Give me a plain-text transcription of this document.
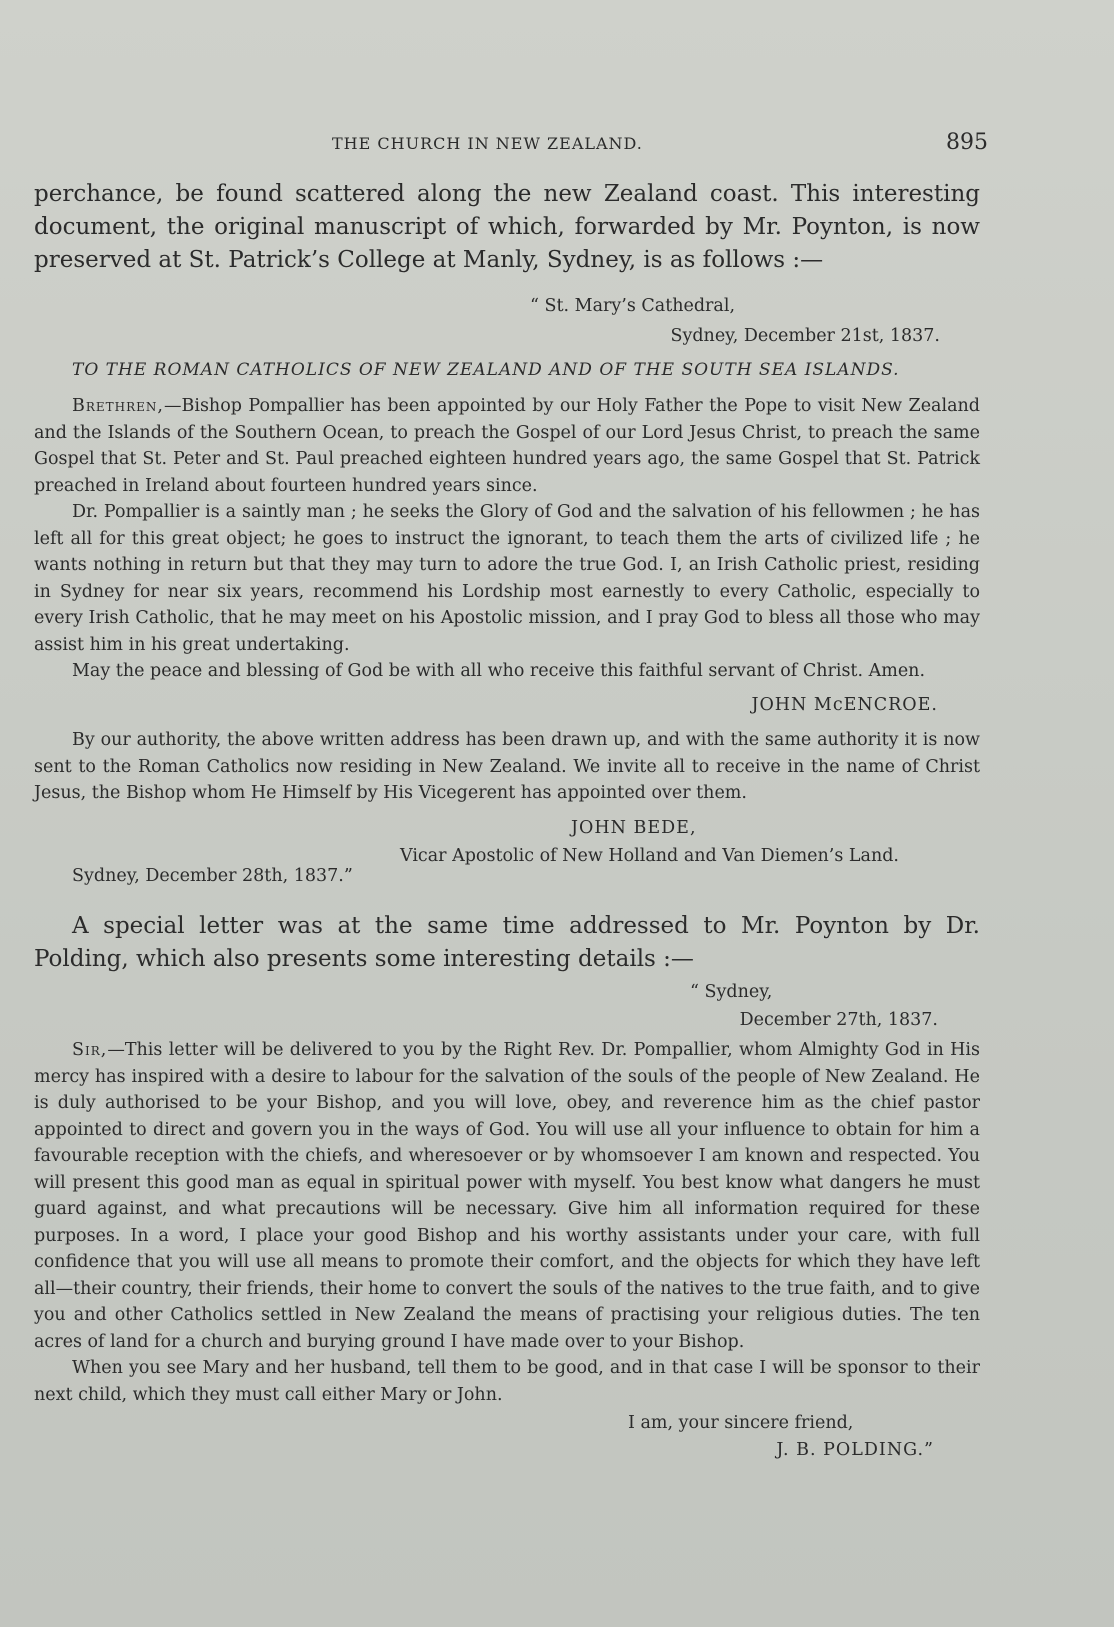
THE CHURCH IN NEW ZEALAND.	895

perchance, be found scattered along the new Zealand coast. This interesting document, the original manuscript of which, forwarded by Mr. Poynton, is now preserved at St. Patrick’s College at Manly, Sydney, is as follows :—

“ St. Mary’s Cathedral,
Sydney, December 21st, 1837.

TO THE ROMAN CATHOLICS OF NEW ZEALAND AND OF THE SOUTH SEA ISLANDS.

Brethren,—Bishop Pompallier has been appointed by our Holy Father the Pope to visit New Zealand and the Islands of the Southern Ocean, to preach the Gospel of our Lord Jesus Christ, to preach the same Gospel that St. Peter and St. Paul preached eighteen hundred years ago, the same Gospel that St. Patrick preached in Ireland about fourteen hundred years since.

Dr. Pompallier is a saintly man ; he seeks the Glory of God and the salvation of his fellowmen ; he has left all for this great object; he goes to instruct the ignorant, to teach them the arts of civilized life ; he wants nothing in return but that they may turn to adore the true God. I, an Irish Catholic priest, residing in Sydney for near six years, recommend his Lordship most earnestly to every Catholic, especially to every Irish Catholic, that he may meet on his Apostolic mission, and I pray God to bless all those who may assist him in his great undertaking.

May the peace and blessing of God be with all who receive this faithful servant of Christ. Amen.

JOHN McENCROE.

By our authority, the above written address has been drawn up, and with the same authority it is now sent to the Roman Catholics now residing in New Zealand. We invite all to receive in the name of Christ Jesus, the Bishop whom He Himself by His Vicegerent has appointed over them.

JOHN BEDE,
Vicar Apostolic of New Holland and Van Diemen’s Land.
Sydney, December 28th, 1837.”

A special letter was at the same time addressed to Mr. Poynton by Dr. Polding, which also presents some interesting details :—

“ Sydney,
December 27th, 1837.

Sir,—This letter will be delivered to you by the Right Rev. Dr. Pompallier, whom Almighty God in His mercy has inspired with a desire to labour for the salvation of the souls of the people of New Zealand. He is duly authorised to be your Bishop, and you will love, obey, and reverence him as the chief pastor appointed to direct and govern you in the ways of God. You will use all your influence to obtain for him a favourable reception with the chiefs, and wheresoever or by whomsoever I am known and respected. You will present this good man as equal in spiritual power with myself. You best know what dangers he must guard against, and what precautions will be necessary. Give him all information required for these purposes. In a word, I place your good Bishop and his worthy assistants under your care, with full confidence that you will use all means to promote their comfort, and the objects for which they have left all—their country, their friends, their home to convert the souls of the natives to the true faith, and to give you and other Catholics settled in New Zealand the means of practising your religious duties. The ten acres of land for a church and burying ground I have made over to your Bishop.

When you see Mary and her husband, tell them to be good, and in that case I will be sponsor to their next child, which they must call either Mary or John.

I am, your sincere friend,
J. B. POLDING.”
